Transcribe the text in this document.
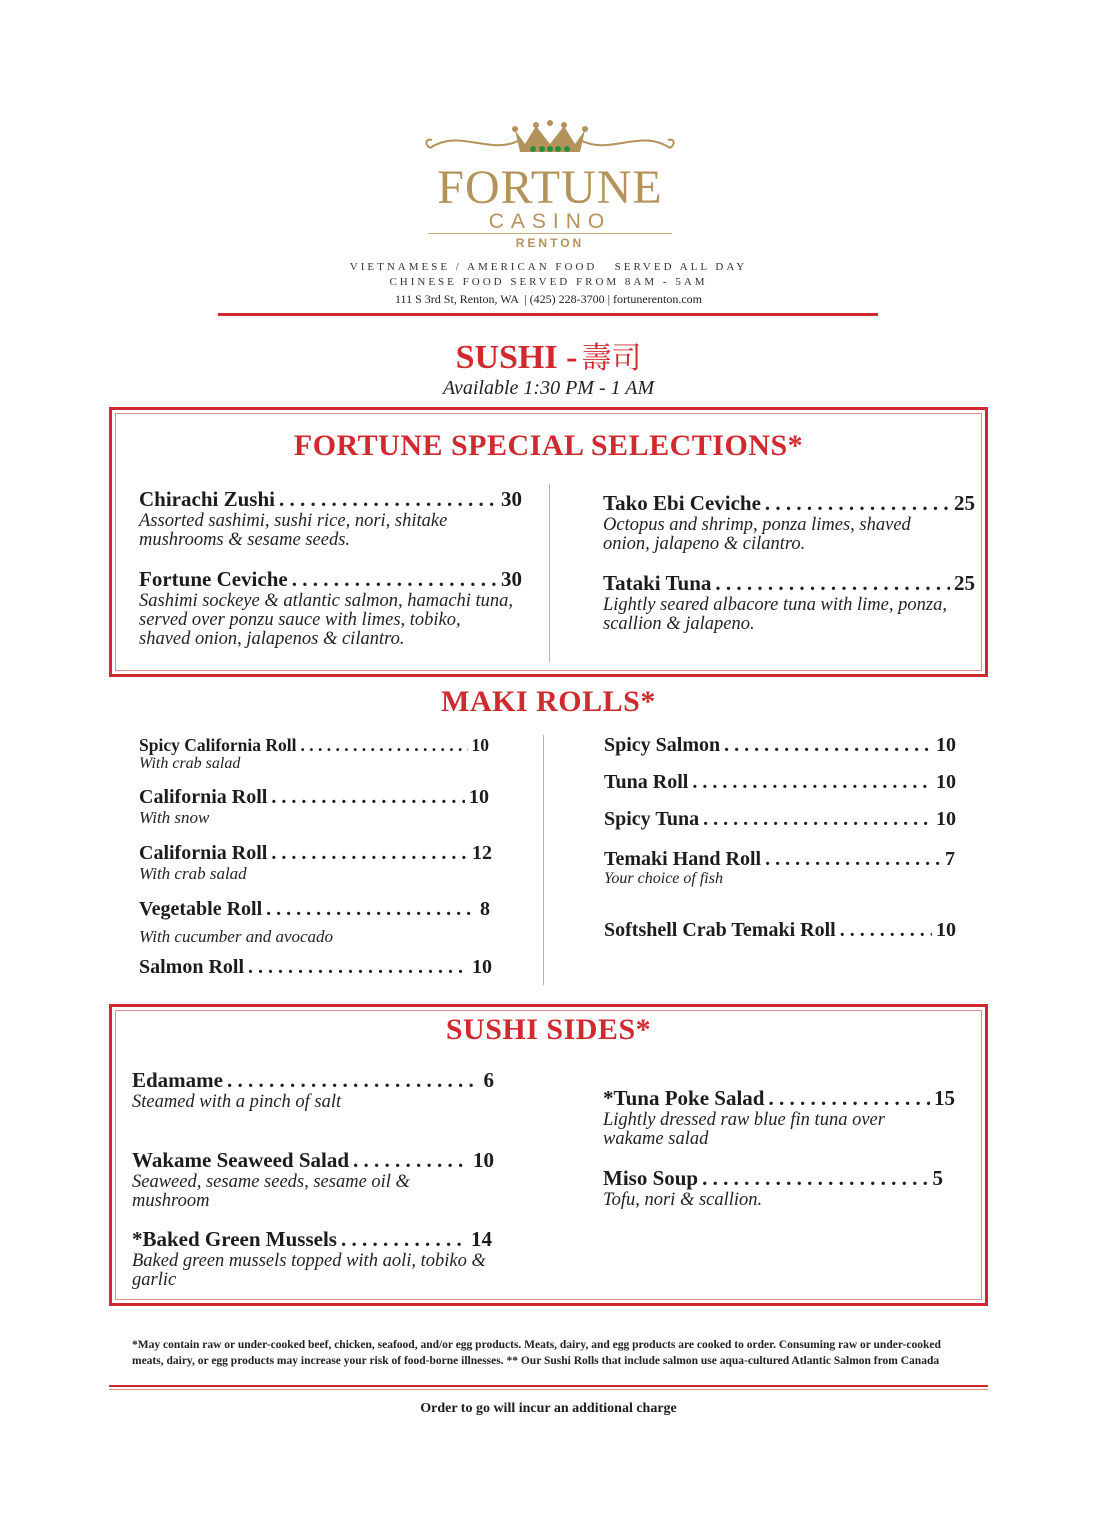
FORTUNE
CASINO
RENTON
VIETNAMESE / AMERICAN FOOD   SERVED ALL DAY
CHINESE FOOD SERVED FROM 8AM - 5AM
111 S 3rd St, Renton, WA  | (425) 228-3700 | fortunerenton.com
SUSHI - 壽司
Available 1:30 PM - 1 AM
FORTUNE SPECIAL SELECTIONS*
Chirachi Zushi . . .	30
Assorted sashimi, sushi rice, nori, shitake mushrooms & sesame seeds.
Fortune Ceviche . . .	30
Sashimi sockeye & atlantic salmon, hamachi tuna, served over ponzu sauce with limes, tobiko, shaved onion, jalapenos & cilantro.
Tako Ebi Ceviche . . .	25
Octopus and shrimp, ponza limes, shaved onion, jalapeno & cilantro.
Tataki Tuna . . .	25
Lightly seared albacore tuna with lime, ponza, scallion & jalapeno.
MAKI ROLLS*
Spicy California Roll . . .	10
With crab salad
California Roll . . .	10
With snow
California Roll . . .	12
With crab salad
Vegetable Roll . . .	8
With cucumber and avocado
Salmon Roll . . .	10
Spicy Salmon . . .	10
Tuna Roll . . .	10
Spicy Tuna . . .	10
Temaki Hand Roll . . .	7
Your choice of fish
Softshell Crab Temaki Roll . . .	10
SUSHI SIDES*
Edamame . . .	6
Steamed with a pinch of salt
Wakame Seaweed Salad . . .	10
Seaweed, sesame seeds, sesame oil & mushroom
*Baked Green Mussels . . .	14
Baked green mussels topped with aoli, tobiko & garlic
*Tuna Poke Salad . . .	15
Lightly dressed raw blue fin tuna over wakame salad
Miso Soup . . .	5
Tofu, nori & scallion.
*May contain raw or under-cooked beef, chicken, seafood, and/or egg products. Meats, dairy, and egg products are cooked to order. Consuming raw or under-cooked meats, dairy, or egg products may increase your risk of food-borne illnesses. ** Our Sushi Rolls that include salmon use aqua-cultured Atlantic Salmon from Canada
Order to go will incur an additional charge
